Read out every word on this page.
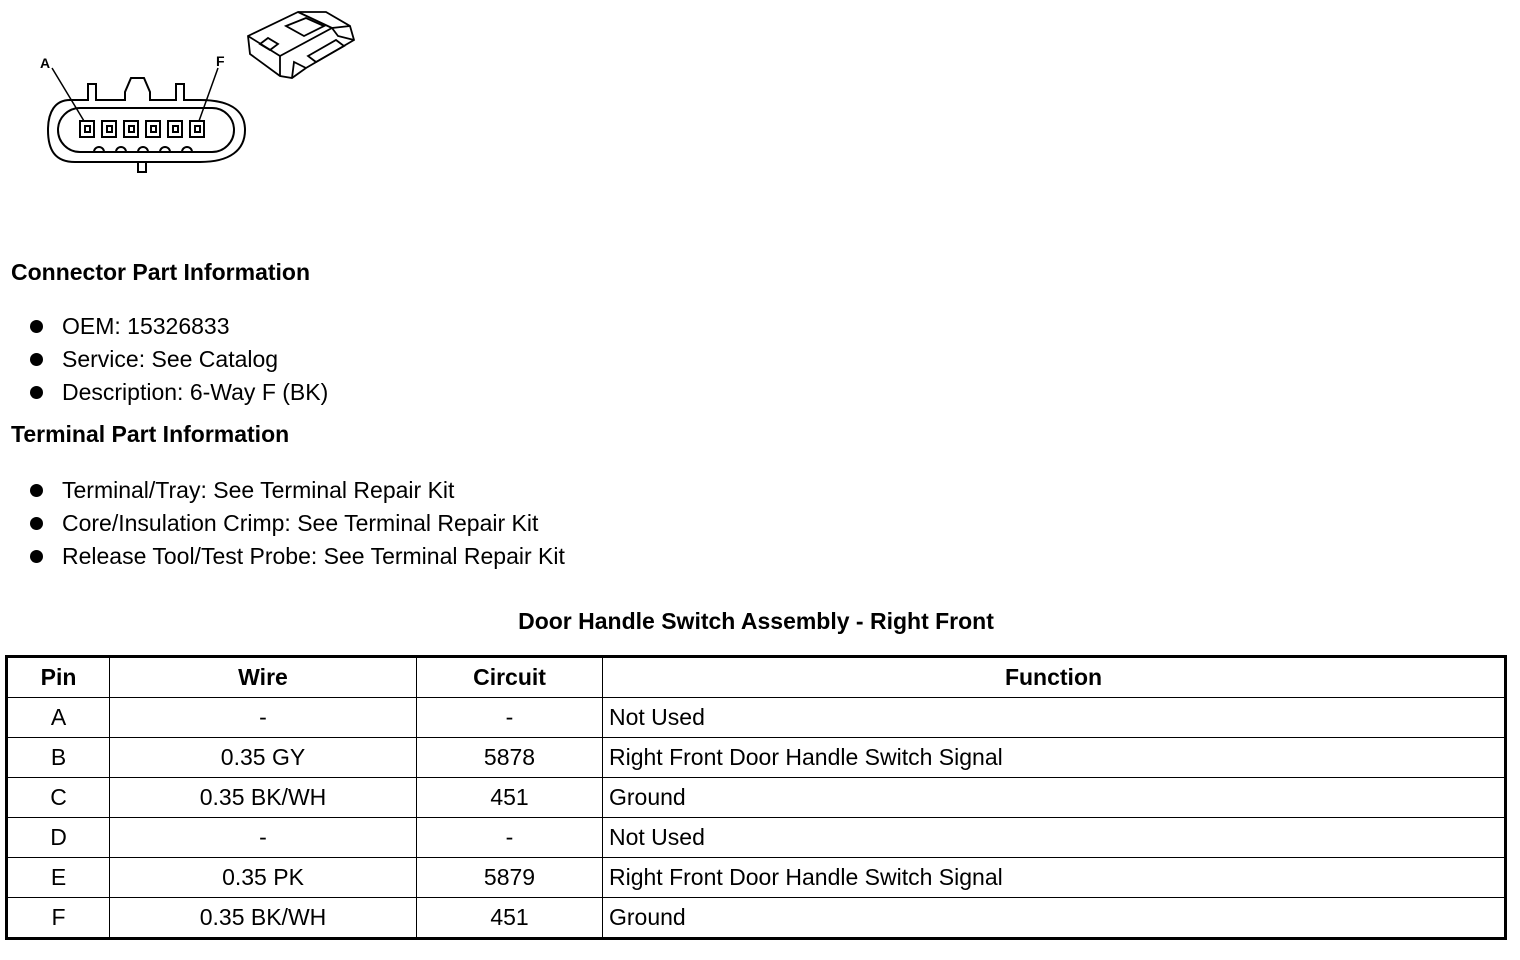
A	F
Connector Part Information
OEM: 15326833
Service: See Catalog
Description: 6-Way F (BK)
Terminal Part Information
Terminal/Tray: See Terminal Repair Kit
Core/Insulation Crimp: See Terminal Repair Kit
Release Tool/Test Probe: See Terminal Repair Kit
Door Handle Switch Assembly - Right Front
Pin	Wire	Circuit	Function
A	-	-	Not Used
B	0.35 GY	5878	Right Front Door Handle Switch Signal
C	0.35 BK/WH	451	Ground
D	-	-	Not Used
E	0.35 PK	5879	Right Front Door Handle Switch Signal
F	0.35 BK/WH	451	Ground
